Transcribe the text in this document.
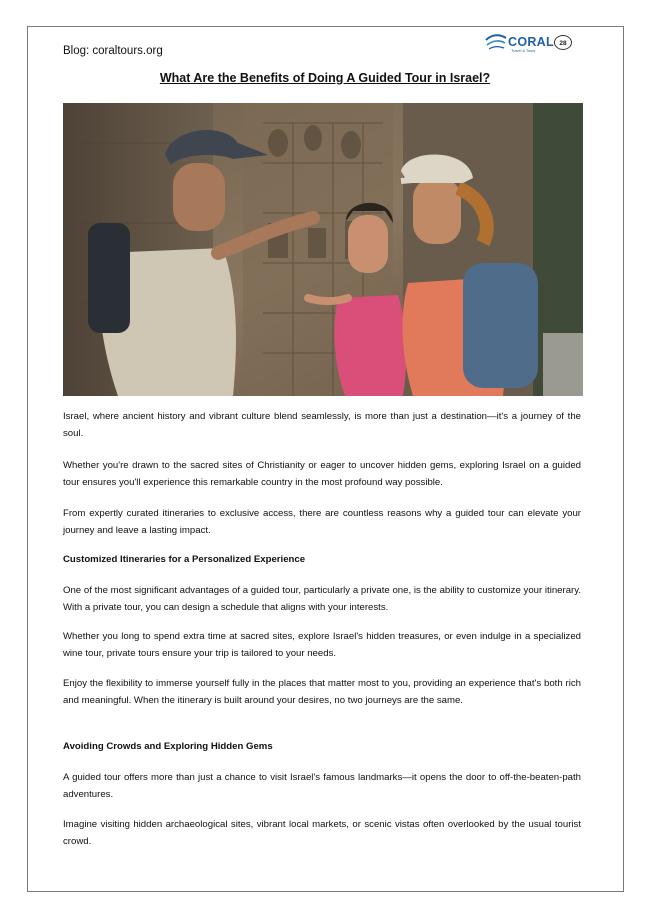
Blog: coraltours.org
CORAL
Travel & Tours
28
What Are the Benefits of Doing A Guided Tour in Israel?
Israel, where ancient history and vibrant culture blend seamlessly, is more than just a destination—it's a journey of the soul.
Whether you're drawn to the sacred sites of Christianity or eager to uncover hidden gems, exploring Israel on a guided tour ensures you'll experience this remarkable country in the most profound way possible.
From expertly curated itineraries to exclusive access, there are countless reasons why a guided tour can elevate your journey and leave a lasting impact.
Customized Itineraries for a Personalized Experience
One of the most significant advantages of a guided tour, particularly a private one, is the ability to customize your itinerary. With a private tour, you can design a schedule that aligns with your interests.
Whether you long to spend extra time at sacred sites, explore Israel's hidden treasures, or even indulge in a specialized wine tour, private tours ensure your trip is tailored to your needs.
Enjoy the flexibility to immerse yourself fully in the places that matter most to you, providing an experience that's both rich and meaningful. When the itinerary is built around your desires, no two journeys are the same.
Avoiding Crowds and Exploring Hidden Gems
A guided tour offers more than just a chance to visit Israel's famous landmarks—it opens the door to off-the-beaten-path adventures.
Imagine visiting hidden archaeological sites, vibrant local markets, or scenic vistas often overlooked by the usual tourist crowd.
